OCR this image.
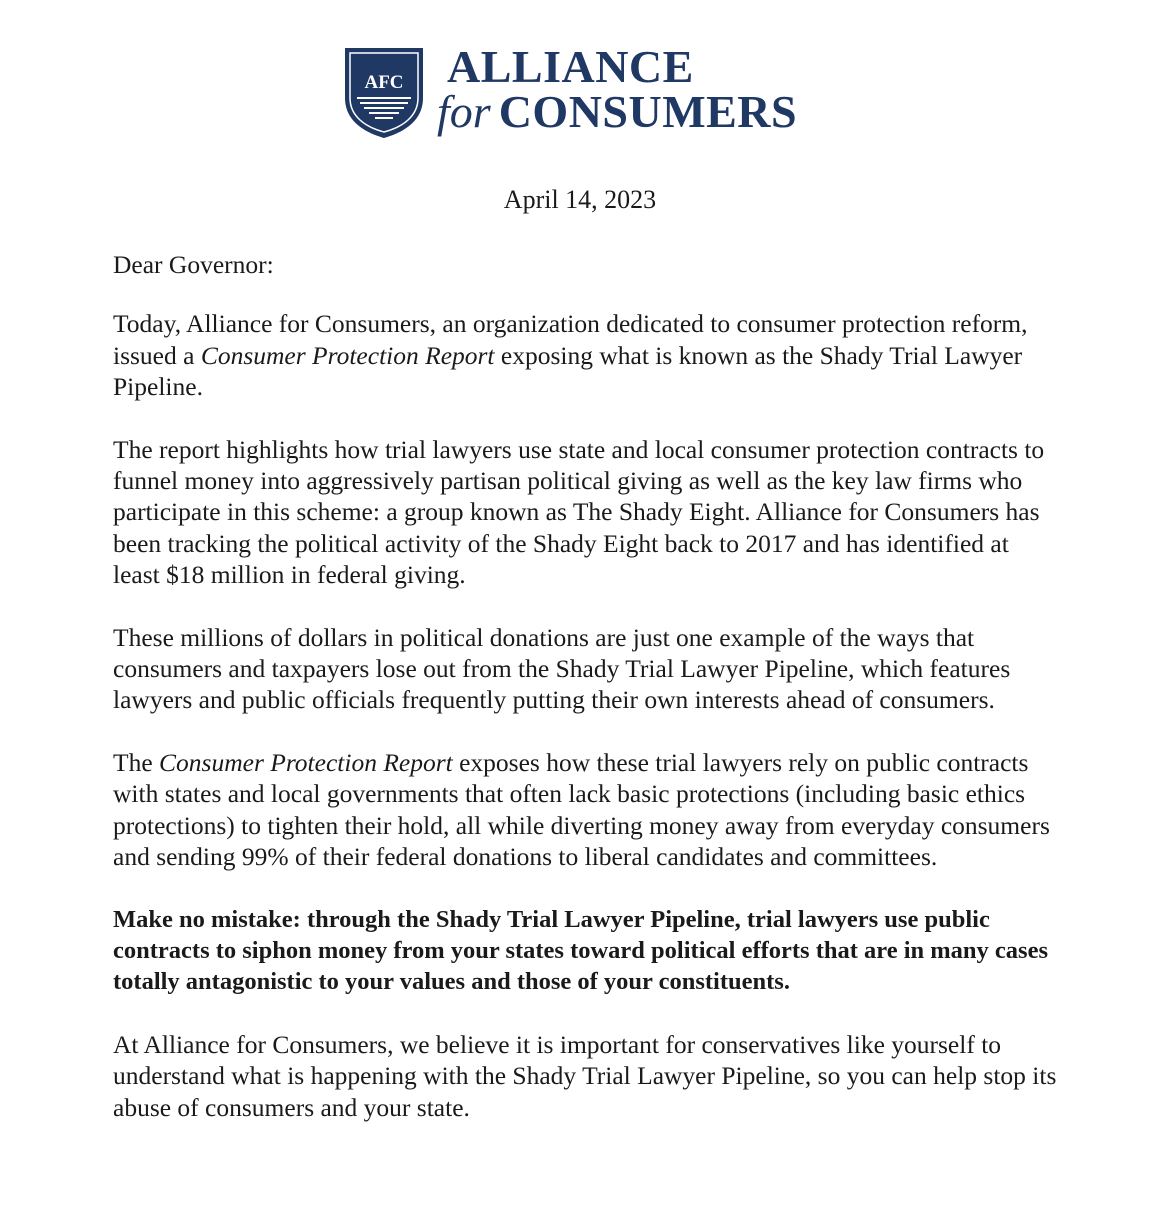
AFC ALLIANCE
for CONSUMERS
April 14, 2023

Dear Governor:

Today, Alliance for Consumers, an organization dedicated to consumer protection reform, issued a Consumer Protection Report exposing what is known as the Shady Trial Lawyer Pipeline.

The report highlights how trial lawyers use state and local consumer protection contracts to funnel money into aggressively partisan political giving as well as the key law firms who participate in this scheme: a group known as The Shady Eight. Alliance for Consumers has been tracking the political activity of the Shady Eight back to 2017 and has identified at least $18 million in federal giving.

These millions of dollars in political donations are just one example of the ways that consumers and taxpayers lose out from the Shady Trial Lawyer Pipeline, which features lawyers and public officials frequently putting their own interests ahead of consumers.

The Consumer Protection Report exposes how these trial lawyers rely on public contracts with states and local governments that often lack basic protections (including basic ethics protections) to tighten their hold, all while diverting money away from everyday consumers and sending 99% of their federal donations to liberal candidates and committees.

Make no mistake: through the Shady Trial Lawyer Pipeline, trial lawyers use public contracts to siphon money from your states toward political efforts that are in many cases totally antagonistic to your values and those of your constituents.

At Alliance for Consumers, we believe it is important for conservatives like yourself to understand what is happening with the Shady Trial Lawyer Pipeline, so you can help stop its abuse of consumers and your state.
